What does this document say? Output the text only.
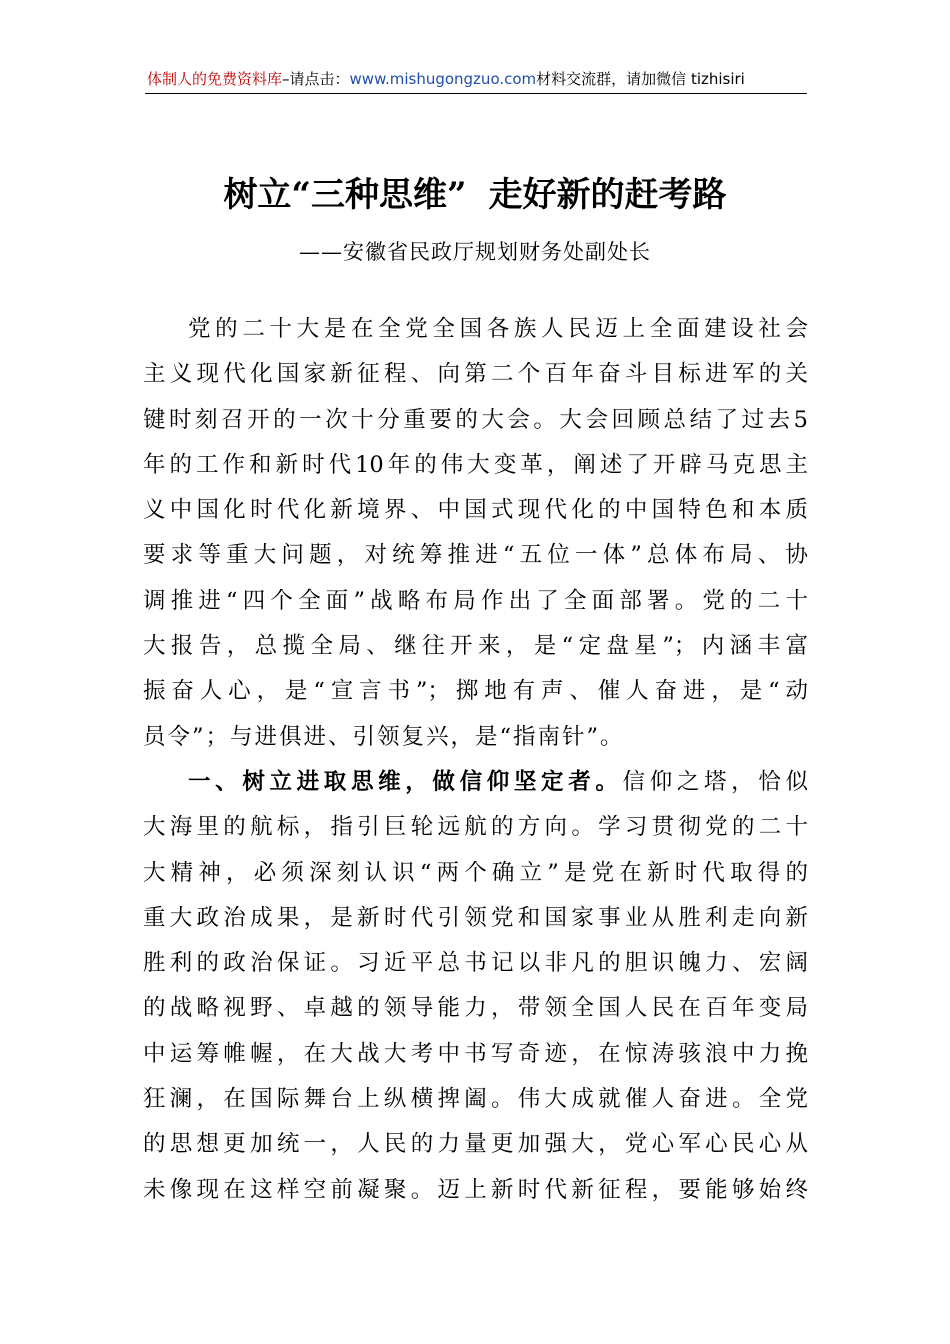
体制人的免费资料库–请点击：www.mishugongzuo.com材料交流群，请加微信 tizhisiri
树立“三种思维” 走好新的赶考路
——安徽省民政厅规划财务处副处长
党的二十大是在全党全国各族人民迈上全面建设社会
主义现代化国家新征程、向第二个百年奋斗目标进军的关
键时刻召开的一次十分重要的大会。大会回顾总结了过去5
年的工作和新时代10年的伟大变革，阐述了开辟马克思主
义中国化时代化新境界、中国式现代化的中国特色和本质
要求等重大问题，对统筹推进“五位一体”总体布局、协
调推进“四个全面”战略布局作出了全面部署。党的二十
大报告，总揽全局、继往开来，是“定盘星”；内涵丰富
振奋人心，是“宣言书”；掷地有声、催人奋进，是“动
员令”；与进俱进、引领复兴，是“指南针”。
一、树立进取思维，做信仰坚定者。信仰之塔，恰似
大海里的航标，指引巨轮远航的方向。学习贯彻党的二十
大精神，必须深刻认识“两个确立”是党在新时代取得的
重大政治成果，是新时代引领党和国家事业从胜利走向新
胜利的政治保证。习近平总书记以非凡的胆识魄力、宏阔
的战略视野、卓越的领导能力，带领全国人民在百年变局
中运筹帷幄，在大战大考中书写奇迹，在惊涛骇浪中力挽
狂澜，在国际舞台上纵横捭阖。伟大成就催人奋进。全党
的思想更加统一，人民的力量更加强大，党心军心民心从
未像现在这样空前凝聚。迈上新时代新征程，要能够始终
